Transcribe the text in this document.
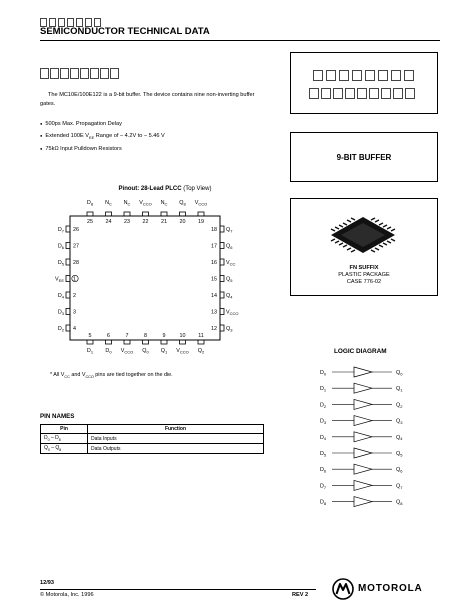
SEMICONDUCTOR TECHNICAL DATA
The MC10E/100E122 is a 9-bit buffer. The device contains nine non-inverting buffer gates.
● 500ps Max. Propagation Delay
● Extended 100E $V_{EE}$ Range of – 4.2V to – 5.46 V
● 75kΩ Input Pulldown Resistors
9-BIT BUFFER
FN SUFFIX
PLASTIC PACKAGE
CASE 776-02
Pinout: 28-Lead PLCC (Top View)
$D_8$
25
$N_C$
24
$N_C$
23
$V_{CCO}$
22
$N_C$
21
$Q_8$
20
$V_{CCO}$
19
$D_1$
5
$D_0$
6
$V_{CCO}$
7
$Q_0$
8
$Q_1$
9
$V_{CCO}$
10
$Q_2$
11
$D_7$ 26
$D_6$ 27
$D_5$ 28
$V_{EE}$ 1
$D_4$ 2
$D_3$ 3
$D_2$ 4
$Q_7$
18
$Q_6$
17
$V_{CC}$
16
$Q_5$
15
$Q_4$
14
$V_{CCO}$
13
$Q_3$
12
* All $V_{CC}$ and $V_{CCO}$ pins are tied together on the die.
LOGIC DIAGRAM
$D_0$	$Q_0$
$D_1$	$Q_1$
$D_2$	$Q_2$
$D_3$	$Q_3$
$D_4$	$Q_4$
$D_5$	$Q_5$
$D_6$	$Q_6$
$D_7$	$Q_7$
$D_8$	$Q_8$
PIN NAMES
Pin	Function
$D_0 - D_8$	Data Inputs
$Q_0 - Q_8$	Data Outputs
12/93
© Motorola, Inc. 1996	REV 2
MOTOROLA
